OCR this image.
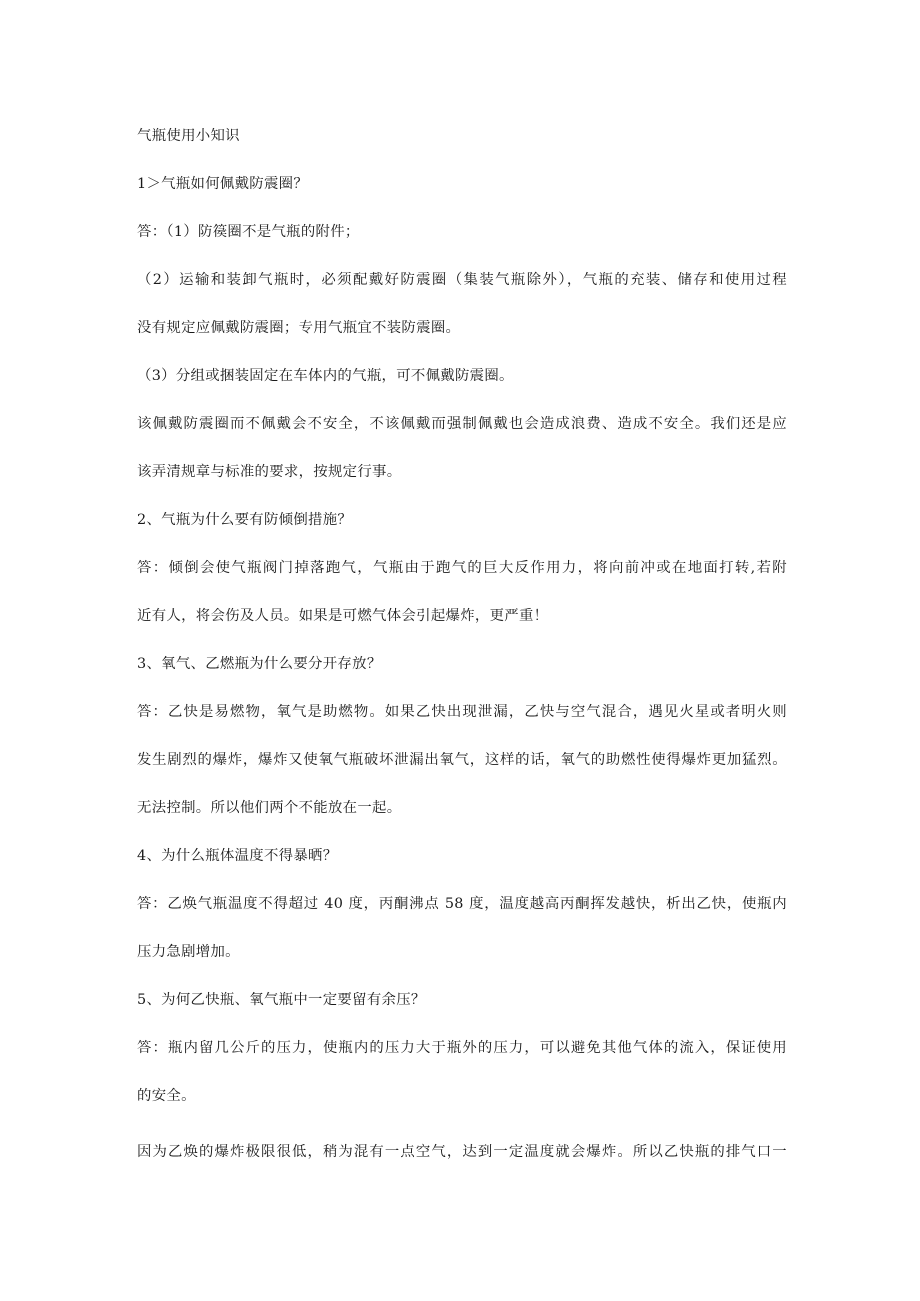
气瓶使用小知识
1＞气瓶如何佩戴防震圈？
答：（1）防篌圈不是气瓶的附件；
（2）运输和装卸气瓶时，必须配戴好防震圈（集装气瓶除外），气瓶的充装、储存和使用过程
没有规定应佩戴防震圈；专用气瓶宜不装防震圈。
（3）分组或捆装固定在车体内的气瓶，可不佩戴防震圈。
该佩戴防震圈而不佩戴会不安全，不该佩戴而强制佩戴也会造成浪费、造成不安全。我们还是应
该弄清规章与标准的要求，按规定行事。
2、气瓶为什么要有防倾倒措施？
答：倾倒会使气瓶阀门掉落跑气，气瓶由于跑气的巨大反作用力，将向前冲或在地面打转,若附
近有人，将会伤及人员。如果是可燃气体会引起爆炸，更严重！
3、氧气、乙燃瓶为什么要分开存放？
答：乙快是易燃物，氧气是助燃物。如果乙快出现泄漏，乙快与空气混合，遇见火星或者明火则
发生剧烈的爆炸，爆炸又使氧气瓶破坏泄漏出氧气，这样的话，氧气的助燃性使得爆炸更加猛烈。
无法控制。所以他们两个不能放在一起。
4、为什么瓶体温度不得暴晒？
答：乙焕气瓶温度不得超过 40 度，丙酮沸点 58 度，温度越高丙酮挥发越快，析出乙快，使瓶内
压力急剧增加。
5、为何乙快瓶、氧气瓶中一定要留有余压？
答：瓶内留几公斤的压力，使瓶内的压力大于瓶外的压力，可以避免其他气体的流入，保证使用
的安全。
因为乙焕的爆炸极限很低，稍为混有一点空气，达到一定温度就会爆炸。所以乙快瓶的排气口一
